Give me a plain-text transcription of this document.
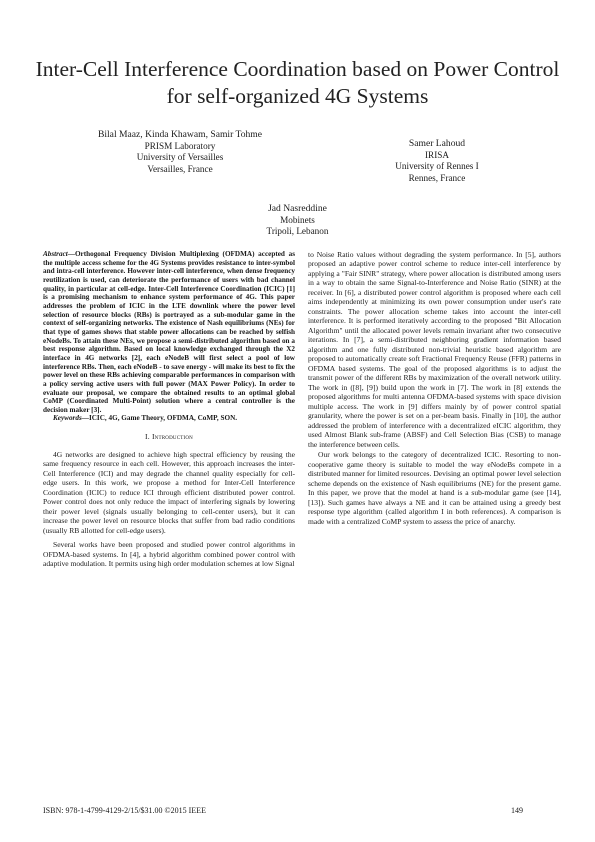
Inter-Cell Interference Coordination based on Power Control for self-organized 4G Systems
Bilal Maaz, Kinda Khawam, Samir Tohme
PRISM Laboratory
University of Versailles
Versailles, France
Samer Lahoud
IRISA
University of Rennes I
Rennes, France
Jad Nasreddine
Mobinets
Tripoli, Lebanon

Abstract—Orthogonal Frequency Division Multiplexing (OFDMA) accepted as the multiple access scheme for the 4G Systems provides resistance to inter-symbol and intra-cell interference. However inter-cell interference, when dense frequency reutilization is used, can deteriorate the performance of users with bad channel quality, in particular at cell-edge. Inter-Cell Interference Coordination (ICIC) [1] is a promising mechanism to enhance system performance of 4G. This paper addresses the problem of ICIC in the LTE downlink where the power level selection of resource blocks (RBs) is portrayed as a sub-modular game in the context of self-organizing networks. The existence of Nash equilibriums (NEs) for that type of games shows that stable power allocations can be reached by selfish eNodeBs. To attain these NEs, we propose a semi-distributed algorithm based on a best response algorithm. Based on local knowledge exchanged through the X2 interface in 4G networks [2], each eNodeB will first select a pool of low interference RBs. Then, each eNodeB - to save energy - will make its best to fix the power level on these RBs achieving comparable performances in comparison with a policy serving active users with full power (MAX Power Policy). In order to evaluate our proposal, we compare the obtained results to an optimal global CoMP (Coordinated Multi-Point) solution where a central controller is the decision maker [3].

Keywords—ICIC, 4G, Game Theory, OFDMA, CoMP, SON.

I. Introduction

4G networks are designed to achieve high spectral efficiency by reusing the same frequency resource in each cell. However, this approach increases the inter-Cell Interference (ICI) and may degrade the channel quality especially for cell-edge users. In this work, we propose a method for Inter-Cell Interference Coordination (ICIC) to reduce ICI through efficient distributed power control. Power control does not only reduce the impact of interfering signals by lowering their power level (signals usually belonging to cell-center users), but it can increase the power level on resource blocks that suffer from bad radio conditions (usually RB allotted for cell-edge users).

Several works have been proposed and studied power control algorithms in OFDMA-based systems. In [4], a hybrid algorithm combined power control with adaptive modulation. It permits using high order modulation schemes at low Signal

to Noise Ratio values without degrading the system performance. In [5], authors proposed an adaptive power control scheme to reduce inter-cell interference by applying a "Fair SINR" strategy, where power allocation is distributed among users in a way to obtain the same Signal-to-Interference and Noise Ratio (SINR) at the receiver. In [6], a distributed power control algorithm is proposed where each cell aims independently at minimizing its own power consumption under user's rate constraints. The power allocation scheme takes into account the inter-cell interference. It is performed iteratively according to the proposed "Bit Allocation Algorithm" until the allocated power levels remain invariant after two consecutive iterations. In [7], a semi-distributed neighboring gradient information based algorithm and one fully distributed non-trivial heuristic based algorithm are proposed to automatically create soft Fractional Frequency Reuse (FFR) patterns in OFDMA based systems. The goal of the proposed algorithms is to adjust the transmit power of the different RBs by maximization of the overall network utility. The work in ([8], [9]) build upon the work in [7]. The work in [8] extends the proposed algorithms for multi antenna OFDMA-based systems with space division multiple access. The work in [9] differs mainly by of power control spatial granularity, where the power is set on a per-beam basis. Finally in [10], the author addressed the problem of interference with a decentralized eICIC algorithm, they used Almost Blank sub-frame (ABSF) and Cell Selection Bias (CSB) to manage the interference between cells.

Our work belongs to the category of decentralized ICIC. Resorting to non-cooperative game theory is suitable to model the way eNodeBs compete in a distributed manner for limited resources. Devising an optimal power level selection scheme depends on the existence of Nash equilibriums (NE) for the present game. In this paper, we prove that the model at hand is a sub-modular game (see [14], [13]). Such games have always a NE and it can be attained using a greedy best response type algorithm (called algorithm I in both references). A comparison is made with a centralized CoMP system to assess the price of anarchy.

ISBN: 978-1-4799-4129-2/15/$31.00 ©2015 IEEE	149
